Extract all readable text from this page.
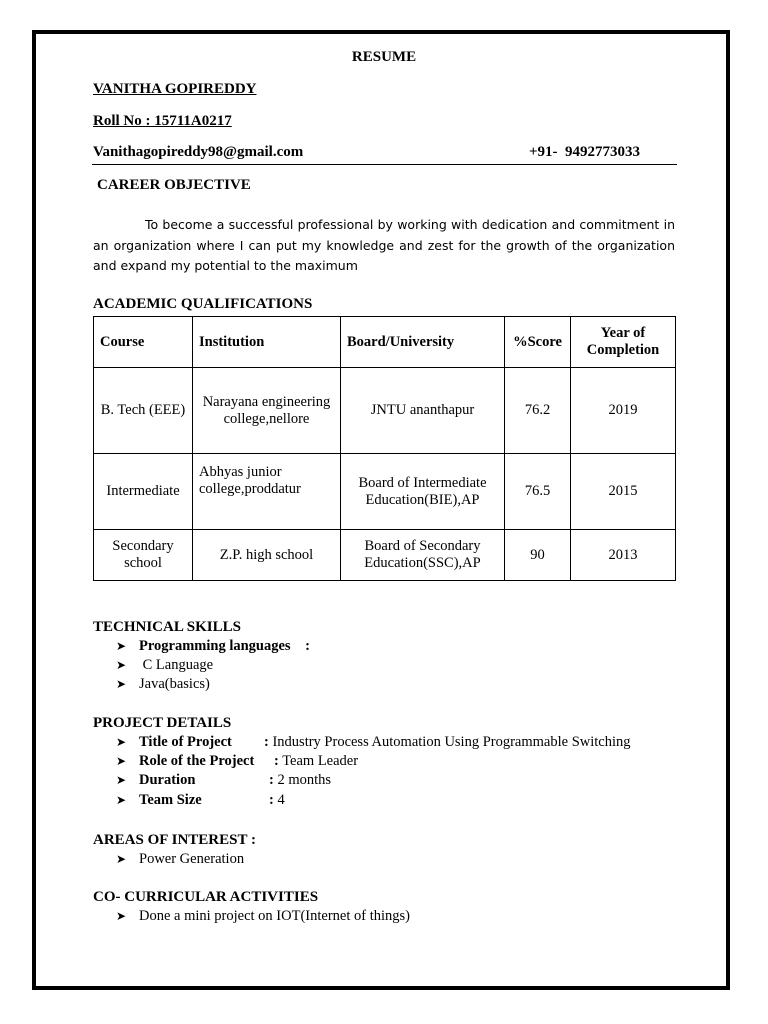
RESUME
VANITHA GOPIREDDY
Roll No : 15711A0217
Vanithagopireddy98@gmail.com	+91-  9492773033
CAREER OBJECTIVE
To become a successful professional by working with dedication and commitment in an organization where I can put my knowledge and zest for the growth of the organization and expand my potential to the maximum
ACADEMIC QUALIFICATIONS
Course	Institution	Board/University	%Score	Year of Completion
B. Tech (EEE)	Narayana engineering college,nellore	JNTU ananthapur	76.2	2019
Intermediate	Abhyas junior college,proddatur	Board of Intermediate Education(BIE),AP	76.5	2015
Secondary school	Z.P. high school	Board of Secondary Education(SSC),AP	90	2013
TECHNICAL SKILLS
➤ Programming languages    :
➤ C Language
➤ Java(basics)
PROJECT DETAILS
➤ Title of Project : Industry Process Automation Using Programmable Switching
➤ Role of the Project : Team Leader
➤ Duration	: 2 months
➤ Team Size	: 4
AREAS OF INTEREST :
➤ Power Generation
CO- CURRICULAR ACTIVITIES
➤ Done a mini project on IOT(Internet of things)
